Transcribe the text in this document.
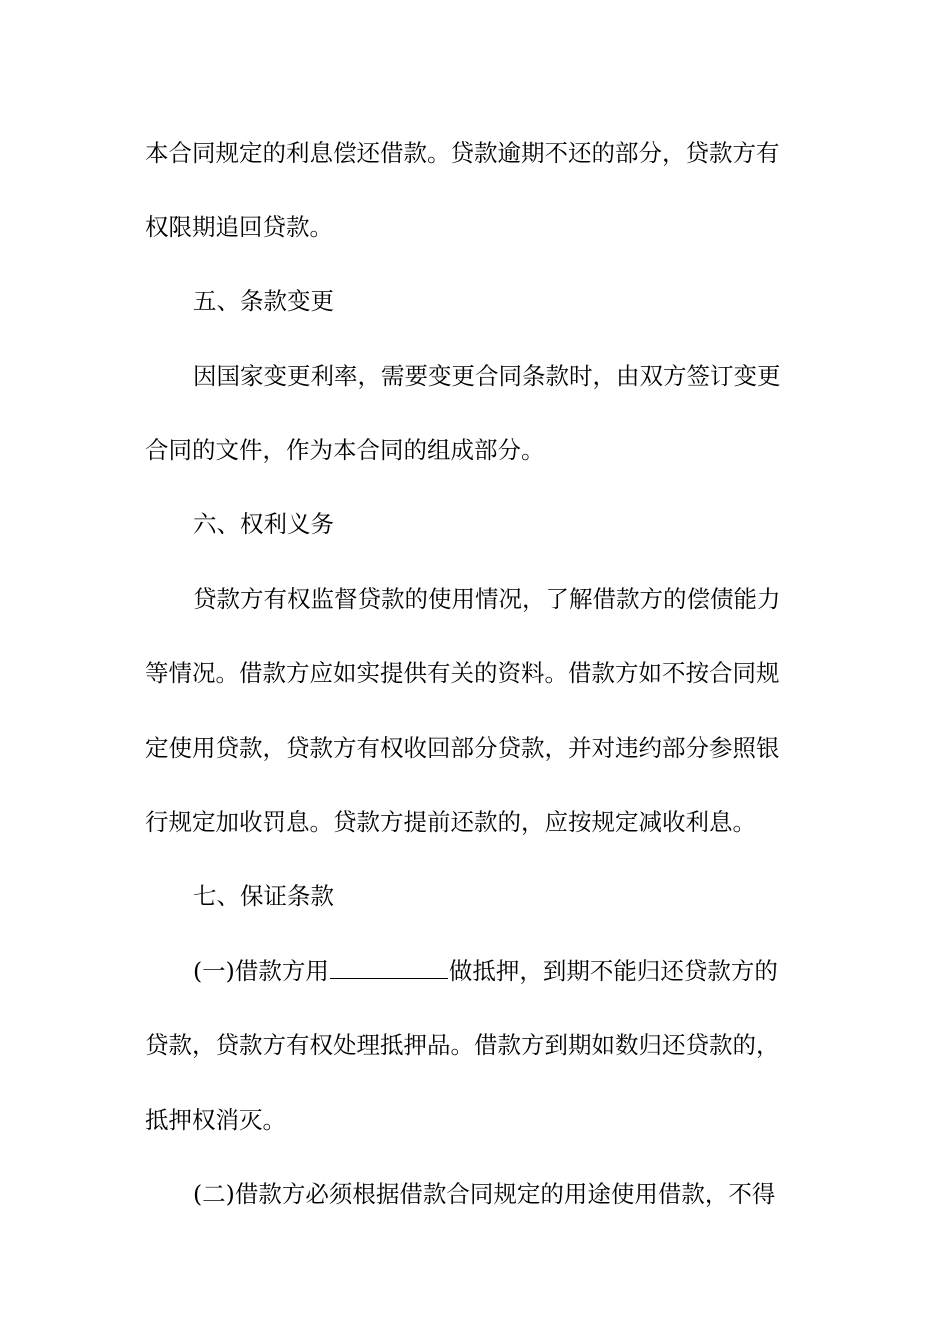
本合同规定的利息偿还借款。贷款逾期不还的部分，贷款方有
权限期追回贷款。
五、条款变更
因国家变更利率，需要变更合同条款时，由双方签订变更
合同的文件，作为本合同的组成部分。
六、权利义务
贷款方有权监督贷款的使用情况，了解借款方的偿债能力
等情况。借款方应如实提供有关的资料。借款方如不按合同规
定使用贷款，贷款方有权收回部分贷款，并对违约部分参照银
行规定加收罚息。贷款方提前还款的，应按规定减收利息。
七、保证条款
(一)借款方用	做抵押，到期不能归还贷款方的
贷款，贷款方有权处理抵押品。借款方到期如数归还贷款的，
抵押权消灭。
(二)借款方必须根据借款合同规定的用途使用借款，不得
